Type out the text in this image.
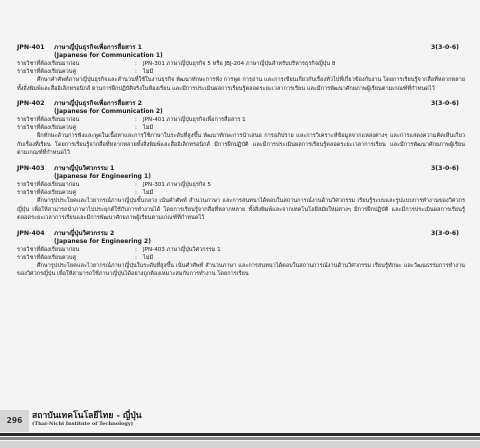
JPN-401	ภาษาญี่ปุ่นธุรกิจเพื่อการสื่อสาร 1	3(3-0-6)
(Japanese for Communication 1)
รายวิชาที่ต้องเรียนมาก่อน	:	JPN-301 ภาษาญี่ปุ่นธุรกิจ 5 หรือ JBJ-204 ภาษาญี่ปุ่นสำหรับบริหารธุรกิจญี่ปุ่น 8
รายวิชาที่ต้องเรียนควบคู่	:	ไม่มี

ศึกษาคำศัพท์ภาษาญี่ปุ่นธุรกิจและสำนวนที่ใช้ในงานธุรกิจ พัฒนาทักษะการฟัง การพูด การอ่าน และการเขียนเกี่ยวกับเรื่องทั่วไปที่เกี่ยวข้องกับงาน โดยการเรียนรู้จากสื่อที่หลากหลายทั้งสิ่งพิมพ์และสื่ออิเล็กทรอนิกส์ ผ่านการฝึกปฏิบัติจริงในห้องเรียน และมีการประเมินผลการเรียนรู้ตลอดระยะเวลาการเรียน และมีการพัฒนาศักยภาพผู้เรียนตามเกณฑ์ที่กำหนดไว้

JPN-402	ภาษาญี่ปุ่นธุรกิจเพื่อการสื่อสาร 2	3(3-0-6)
(Japanese for Communication 2)
รายวิชาที่ต้องเรียนมาก่อน	:	JPN-401 ภาษาญี่ปุ่นธุรกิจเพื่อการสื่อสาร 1
รายวิชาที่ต้องเรียนควบคู่	:	ไม่มี

ฝึกทักษะด้านการฟังและพูดในเนื้อหาและการใช้ภาษาในระดับที่สูงขึ้น พัฒนาทักษะการนำเสนอ การอภิปราย และการวิเคราะห์ข้อมูลจากแหล่งต่างๆ และการแสดงความคิดเห็นเกี่ยวกับเรื่องที่เรียน โดยการเรียนรู้จากสื่อที่หลากหลายทั้งสิ่งพิมพ์และสื่ออิเล็กทรอนิกส์ มีการฝึกปฏิบัติ และมีการประเมินผลการเรียนรู้ตลอดระยะเวลาการเรียน และมีการพัฒนาศักยภาพผู้เรียนตามเกณฑ์ที่กำหนดไว้

JPN-403	ภาษาญี่ปุ่นวิศวกรรม 1	3(3-0-6)
(Japanese for Engineering 1)
รายวิชาที่ต้องเรียนมาก่อน	:	JPN-301 ภาษาญี่ปุ่นธุรกิจ 5
รายวิชาที่ต้องเรียนควบคู่	:	ไม่มี

ศึกษารูปประโยคและไวยากรณ์ภาษาญี่ปุ่นขั้นกลาง เน้นคำศัพท์ สำนวนภาษา และการสนทนาได้ตอบในสถานการณ์งานด้านวิศวกรรม เรียนรู้ระบบและรูปแบบการทำงานของวิศวกรญี่ปุ่น เพื่อให้สามารถนำภาษาไปประยุกต์ใช้กับการทำงานได้ โดยการเรียนรู้จากสื่อที่หลากหลาย ทั้งสิ่งพิมพ์และจากเทคโนโลยีสมัยใหม่ต่างๆ มีการฝึกปฏิบัติ และมีการประเมินผลการเรียนรู้ตลอดระยะเวลาการเรียนและมีการพัฒนาศักยภาพผู้เรียนตามเกณฑ์ที่กำหนดไว้

JPN-404	ภาษาญี่ปุ่นวิศวกรรม 2	3(3-0-6)
(Japanese for Engineering 2)
รายวิชาที่ต้องเรียนมาก่อน	:	JPN-403 ภาษาญี่ปุ่นวิศวกรรม 1
รายวิชาที่ต้องเรียนควบคู่	:	ไม่มี

ศึกษารูปประโยคและไวยากรณ์ภาษาญี่ปุ่นในระดับที่สูงขึ้น เน้นคำศัพท์ สำนวนภาษา และการสนทนาได้ตอบในสถานการณ์งานด้านวิศวกรรม เรียนรู้ทักษะ และวัฒนธรรมการทำงานของวิศวกรญี่ปุ่น เพื่อให้สามารถใช้ภาษาญี่ปุ่นได้อย่างถูกต้องเหมาะสมกับการทำงาน โดยการเรียน

296	สถาบันเทคโนโลยีไทย - ญี่ปุ่น
(Thai-Nichi Institute of Technology)
